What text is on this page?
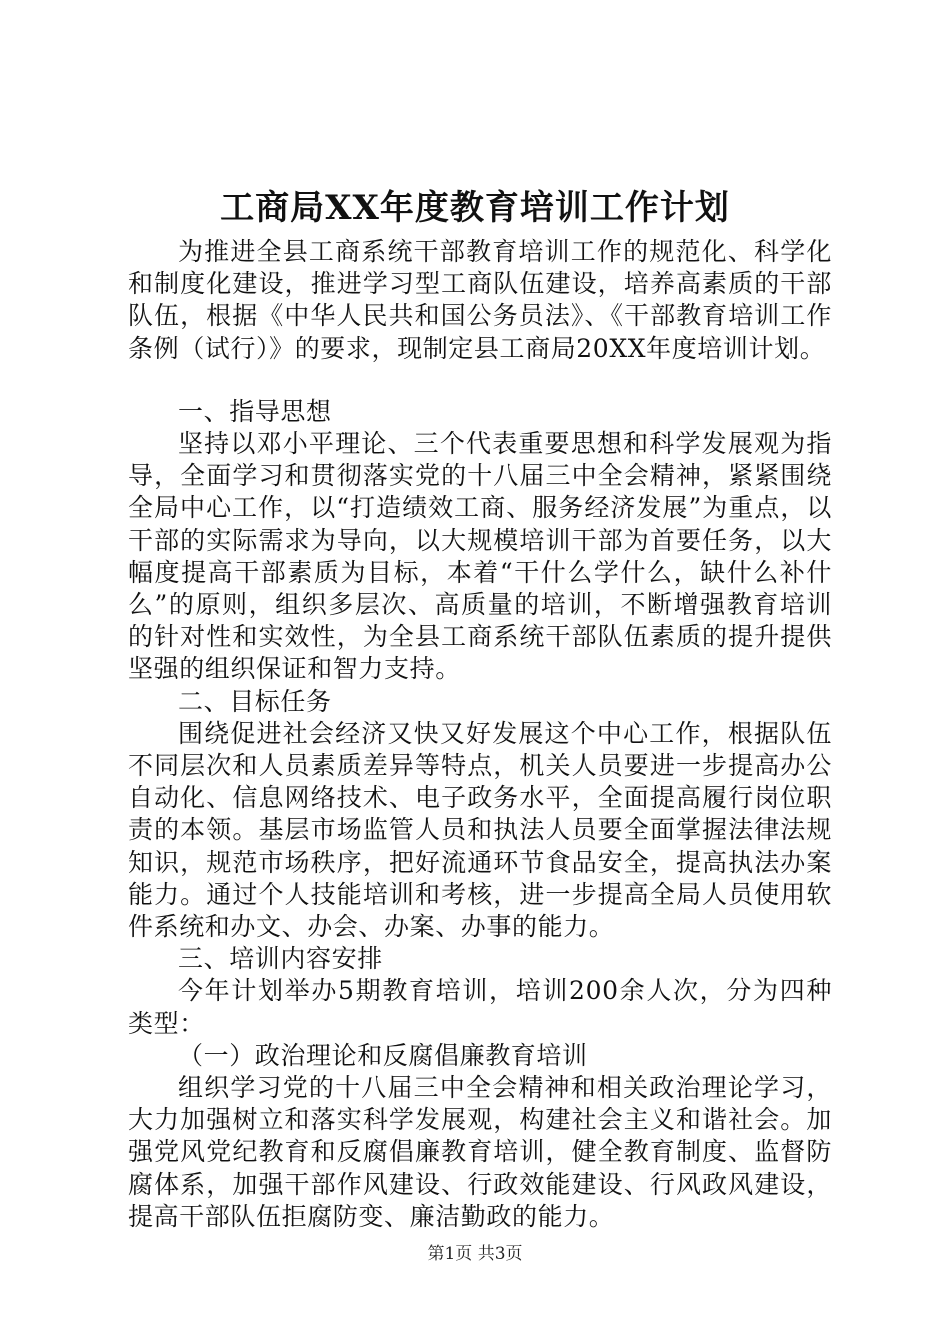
工商局XX年度教育培训工作计划

为推进全县工商系统干部教育培训工作的规范化、科学化和制度化建设，推进学习型工商队伍建设，培养高素质的干部队伍，根据《中华人民共和国公务员法》、《干部教育培训工作条例（试行）》的要求，现制定县工商局20XX年度培训计划。

一、指导思想

坚持以邓小平理论、三个代表重要思想和科学发展观为指导，全面学习和贯彻落实党的十八届三中全会精神，紧紧围绕全局中心工作，以“打造绩效工商、服务经济发展”为重点，以干部的实际需求为导向，以大规模培训干部为首要任务，以大幅度提高干部素质为目标，本着“干什么学什么，缺什么补什么”的原则，组织多层次、高质量的培训，不断增强教育培训的针对性和实效性，为全县工商系统干部队伍素质的提升提供坚强的组织保证和智力支持。

二、目标任务

围绕促进社会经济又快又好发展这个中心工作，根据队伍不同层次和人员素质差异等特点，机关人员要进一步提高办公自动化、信息网络技术、电子政务水平，全面提高履行岗位职责的本领。基层市场监管人员和执法人员要全面掌握法律法规知识，规范市场秩序，把好流通环节食品安全，提高执法办案能力。通过个人技能培训和考核，进一步提高全局人员使用软件系统和办文、办会、办案、办事的能力。

三、培训内容安排

今年计划举办5期教育培训，培训200余人次，分为四种类型：

（一）政治理论和反腐倡廉教育培训

组织学习党的十八届三中全会精神和相关政治理论学习，大力加强树立和落实科学发展观，构建社会主义和谐社会。加强党风党纪教育和反腐倡廉教育培训，健全教育制度、监督防腐体系，加强干部作风建设、行政效能建设、行风政风建设，提高干部队伍拒腐防变、廉洁勤政的能力。

第1页 共3页
